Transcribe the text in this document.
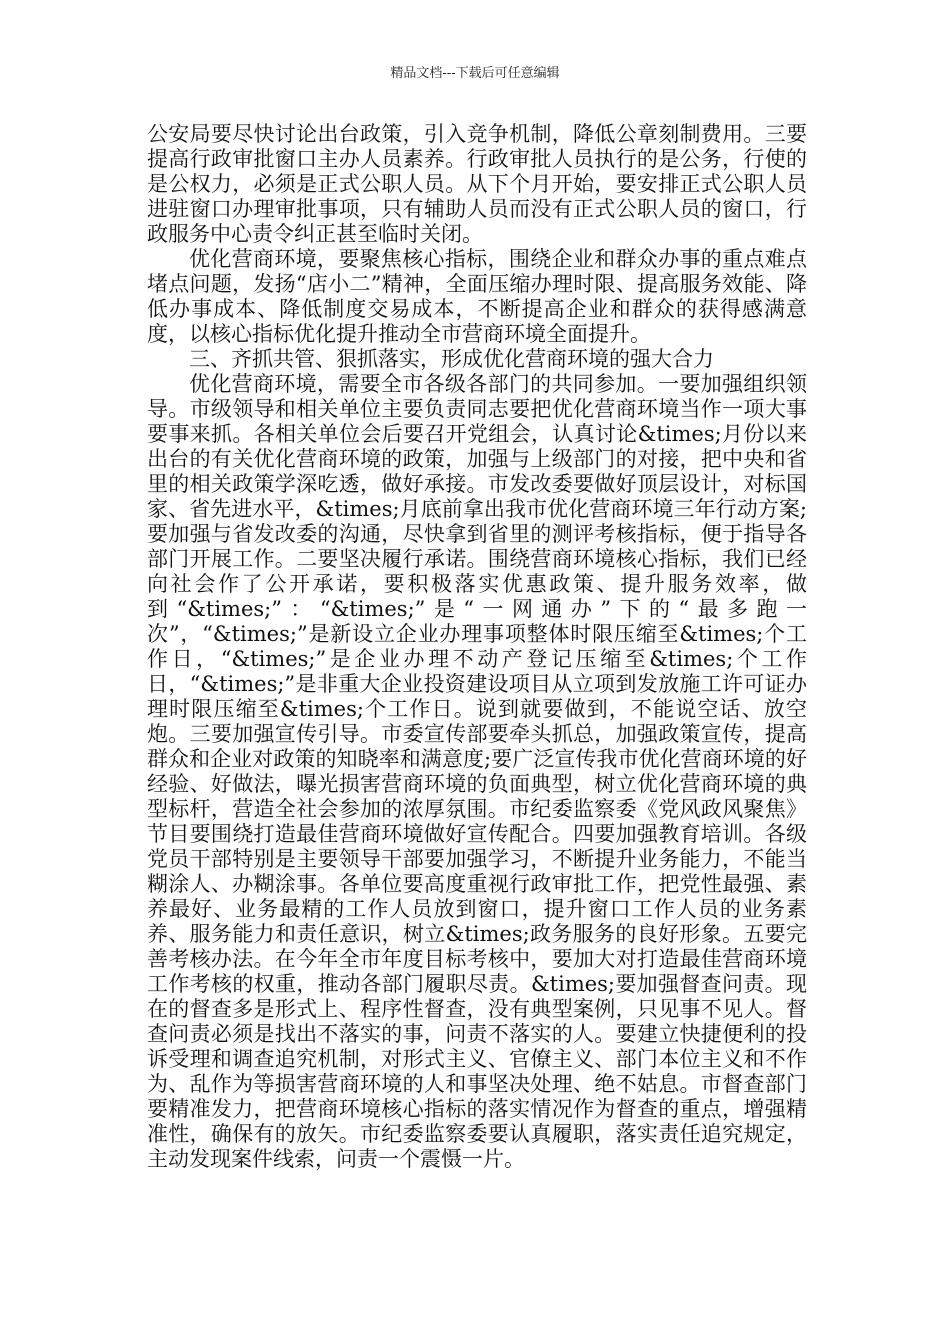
精品文档---下载后可任意编辑

公安局要尽快讨论出台政策，引入竞争机制，降低公章刻制费用。三要提高行政审批窗口主办人员素养。行政审批人员执行的是公务，行使的是公权力，必须是正式公职人员。从下个月开始，要安排正式公职人员进驻窗口办理审批事项，只有辅助人员而没有正式公职人员的窗口，行政服务中心责令纠正甚至临时关闭。

优化营商环境，要聚焦核心指标，围绕企业和群众办事的重点难点堵点问题，发扬“店小二”精神，全面压缩办理时限、提高服务效能、降低办事成本、降低制度交易成本，不断提高企业和群众的获得感满意度，以核心指标优化提升推动全市营商环境全面提升。

三、齐抓共管、狠抓落实，形成优化营商环境的强大合力

优化营商环境，需要全市各级各部门的共同参加。一要加强组织领导。市级领导和相关单位主要负责同志要把优化营商环境当作一项大事要事来抓。各相关单位会后要召开党组会，认真讨论&times;月份以来出台的有关优化营商环境的政策，加强与上级部门的对接，把中央和省里的相关政策学深吃透，做好承接。市发改委要做好顶层设计，对标国家、省先进水平，&times;月底前拿出我市优化营商环境三年行动方案;要加强与省发改委的沟通，尽快拿到省里的测评考核指标，便于指导各部门开展工作。二要坚决履行承诺。围绕营商环境核心指标，我们已经向社会作了公开承诺，要积极落实优惠政策、提升服务效率，做到“&times;”：“&times;”是“一网通办”下的“最多跑一次”，“&times;”是新设立企业办理事项整体时限压缩至&times;个工作日，“&times;”是企业办理不动产登记压缩至&times;个工作日，“&times;”是非重大企业投资建设项目从立项到发放施工许可证办理时限压缩至&times;个工作日。说到就要做到，不能说空话、放空炮。三要加强宣传引导。市委宣传部要牵头抓总，加强政策宣传，提高群众和企业对政策的知晓率和满意度;要广泛宣传我市优化营商环境的好经验、好做法，曝光损害营商环境的负面典型，树立优化营商环境的典型标杆，营造全社会参加的浓厚氛围。市纪委监察委《党风政风聚焦》节目要围绕打造最佳营商环境做好宣传配合。四要加强教育培训。各级党员干部特别是主要领导干部要加强学习，不断提升业务能力，不能当糊涂人、办糊涂事。各单位要高度重视行政审批工作，把党性最强、素养最好、业务最精的工作人员放到窗口，提升窗口工作人员的业务素养、服务能力和责任意识，树立&times;政务服务的良好形象。五要完善考核办法。在今年全市年度目标考核中，要加大对打造最佳营商环境工作考核的权重，推动各部门履职尽责。&times;要加强督查问责。现在的督查多是形式上、程序性督查，没有典型案例，只见事不见人。督查问责必须是找出不落实的事，问责不落实的人。要建立快捷便利的投诉受理和调查追究机制，对形式主义、官僚主义、部门本位主义和不作为、乱作为等损害营商环境的人和事坚决处理、绝不姑息。市督查部门要精准发力，把营商环境核心指标的落实情况作为督查的重点，增强精准性，确保有的放矢。市纪委监察委要认真履职，落实责任追究规定，主动发现案件线索，问责一个震慑一片。
